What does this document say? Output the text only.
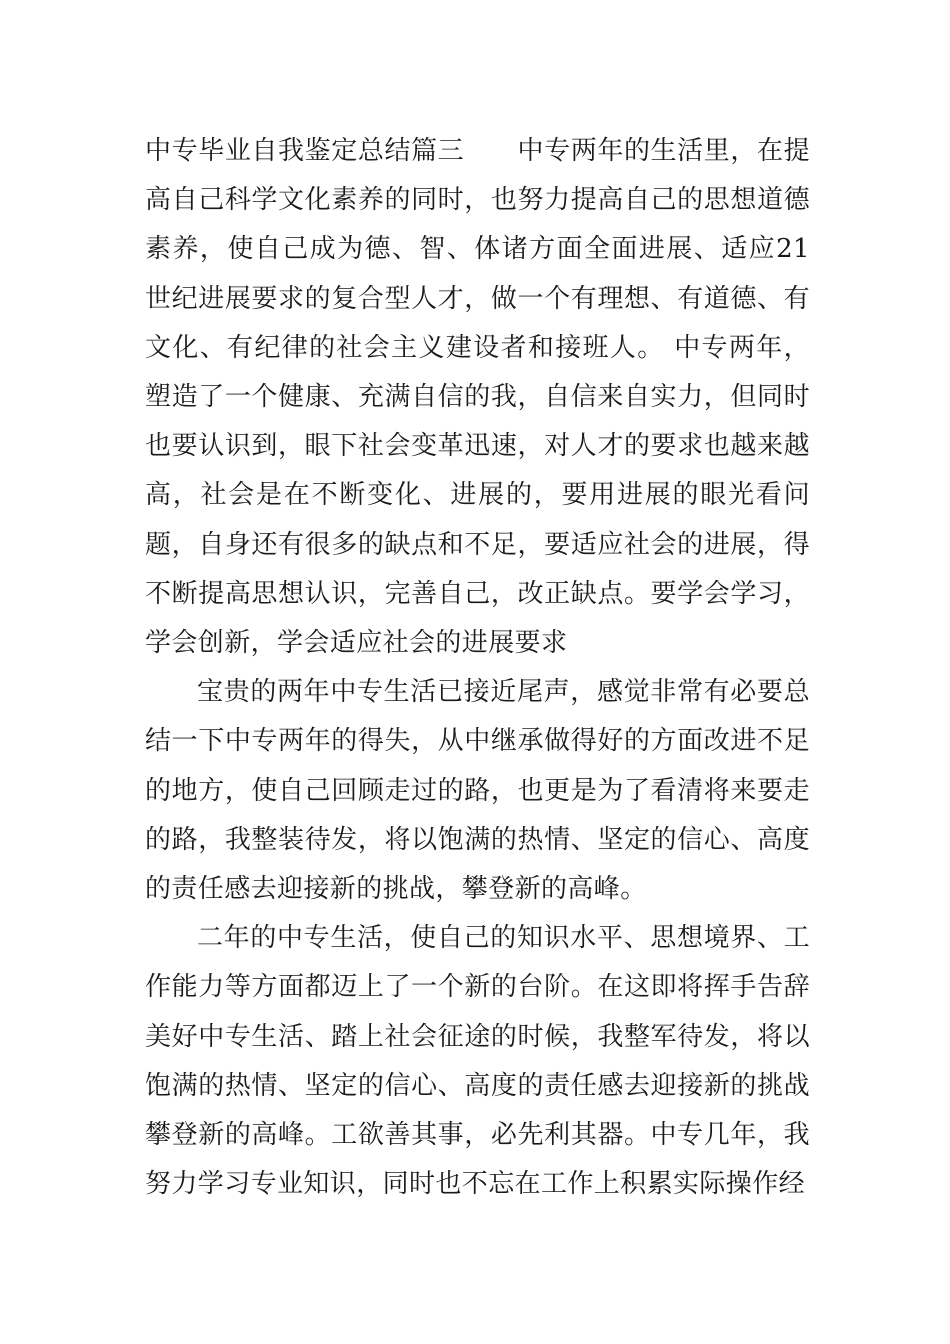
中专毕业自我鉴定总结篇三　　中专两年的生活里，在提高自己科学文化素养的同时，也努力提高自己的思想道德素养，使自己成为德、智、体诸方面全面进展、适应21世纪进展要求的复合型人才，做一个有理想、有道德、有文化、有纪律的社会主义建设者和接班人。 中专两年，塑造了一个健康、充满自信的我，自信来自实力，但同时也要认识到，眼下社会变革迅速，对人才的要求也越来越高，社会是在不断变化、进展的，要用进展的眼光看问题，自身还有很多的缺点和不足，要适应社会的进展，得不断提高思想认识，完善自己，改正缺点。要学会学习，学会创新，学会适应社会的进展要求

宝贵的两年中专生活已接近尾声，感觉非常有必要总结一下中专两年的得失，从中继承做得好的方面改进不足的地方，使自己回顾走过的路，也更是为了看清将来要走的路，我整装待发，将以饱满的热情、坚定的信心、高度的责任感去迎接新的挑战，攀登新的高峰。

二年的中专生活，使自己的知识水平、思想境界、工作能力等方面都迈上了一个新的台阶。在这即将挥手告辞美好中专生活、踏上社会征途的时候，我整军待发，将以饱满的热情、坚定的信心、高度的责任感去迎接新的挑战攀登新的高峰。工欲善其事，必先利其器。中专几年，我努力学习专业知识，同时也不忘在工作上积累实际操作经
